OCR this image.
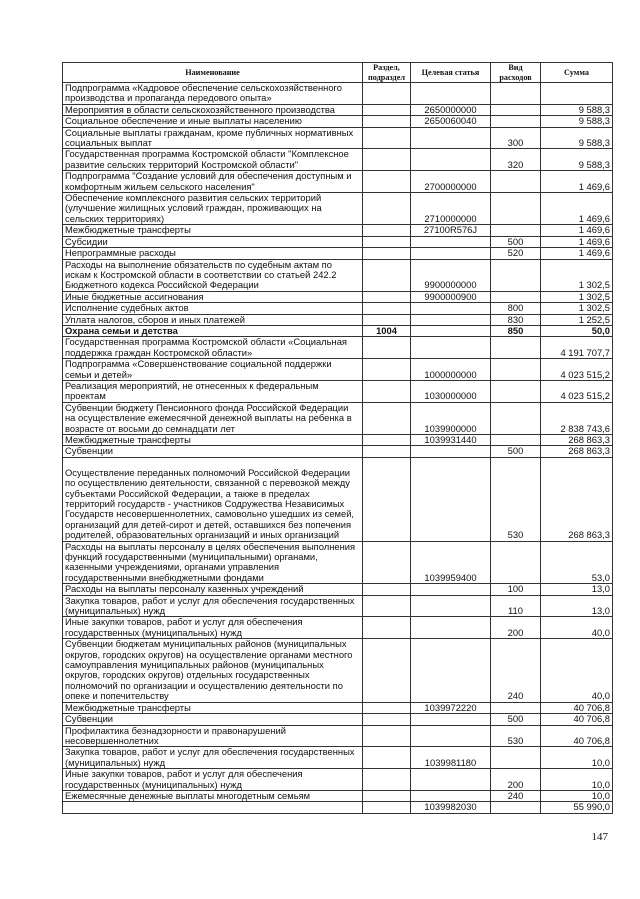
Наименование	Раздел, подраздел	Целевая статья	Вид расходов	Сумма
Подпрограмма «Кадровое обеспечение сельскохозяйственного производства и пропаганда передового опыта»				
Мероприятия в области сельскохозяйственного производства		2650000000		9 588,3
Социальное обеспечение и иные выплаты населению		2650060040		9 588,3
Социальные выплаты гражданам, кроме публичных нормативных социальных выплат			300	9 588,3
Государственная программа Костромской области "Комплексное развитие сельских территорий Костромской области"			320	9 588,3
Подпрограмма "Создание условий для обеспечения доступным и комфортным жильем сельского населения"		2700000000		1 469,6
Обеспечение комплексного развития сельских территорий (улучшение жилищных условий граждан, проживающих на сельских территориях)		2710000000		1 469,6
Межбюджетные трансферты		27100R576J		1 469,6
Субсидии			500	1 469,6
Непрограммные расходы			520	1 469,6
Расходы на выполнение обязательств по судебным актам по искам к Костромской области в соответствии со статьей 242.2 Бюджетного кодекса Российской Федерации		9900000000		1 302,5
Иные бюджетные ассигнования		9900000900		1 302,5
Исполнение судебных актов			800	1 302,5
Уплата налогов, сборов и иных платежей			830	1 252,5
Охрана семьи и детства	1004		850	50,0
Государственная программа Костромской области «Социальная поддержка граждан Костромской области»				4 191 707,7
Подпрограмма «Совершенствование социальной поддержки семьи и детей»		1000000000		4 023 515,2
Реализация мероприятий, не отнесенных к федеральным проектам		1030000000		4 023 515,2
Субвенции бюджету Пенсионного фонда Российской Федерации на осуществление ежемесячной денежной выплаты на ребенка в возрасте от восьми до семнадцати лет		1039900000		2 838 743,6
Межбюджетные трансферты		1039931440		268 863,3
Субвенции			500	268 863,3
Осуществление переданных полномочий Российской Федерации по осуществлению деятельности, связанной с перевозкой между субъектами Российской Федерации, а также в пределах территорий государств - участников Содружества Независимых Государств несовершеннолетних, самовольно ушедших из семей, организаций для детей-сирот и детей, оставшихся без попечения родителей, образовательных организаций и иных организаций			530	268 863,3
Расходы на выплаты персоналу в целях обеспечения выполнения функций государственными (муниципальными) органами, казенными учреждениями, органами управления государственными внебюджетными фондами		1039959400		53,0
Расходы на выплаты персоналу казенных учреждений			100	13,0
Закупка товаров, работ и услуг для обеспечения государственных (муниципальных) нужд			110	13,0
Иные закупки товаров, работ и услуг для обеспечения государственных (муниципальных) нужд			200	40,0
Субвенции бюджетам муниципальных районов (муниципальных округов, городских округов) на осуществление органами местного самоуправления муниципальных районов (муниципальных округов, городских округов) отдельных государственных полномочий по организации и осуществлению деятельности по опеке и попечительству			240	40,0
Межбюджетные трансферты		1039972220		40 706,8
Субвенции			500	40 706,8
Профилактика безнадзорности и правонарушений несовершеннолетних			530	40 706,8
Закупка товаров, работ и услуг для обеспечения государственных (муниципальных) нужд		1039981180		10,0
Иные закупки товаров, работ и услуг для обеспечения государственных (муниципальных) нужд			200	10,0
Ежемесячные денежные выплаты многодетным семьям			240	10,0
		1039982030		55 990,0
147
